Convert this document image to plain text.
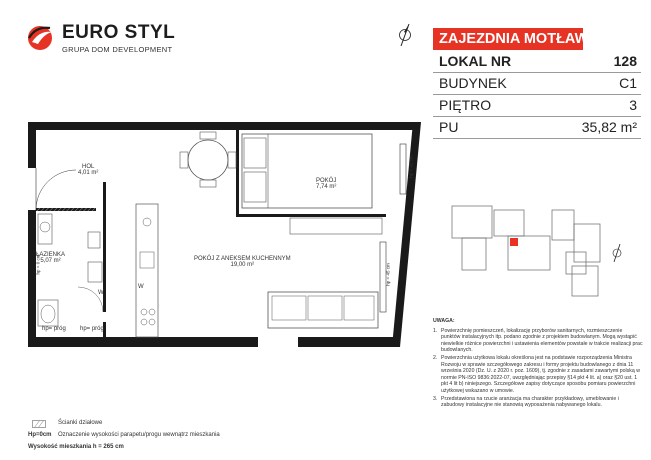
EURO STYL
GRUPA DOM DEVELOPMENT
ZAJEZDNIA MOTŁAWA
LOKAL NR	128
BUDYNEK	C1
PIĘTRO	3
PU	35,82 m²
HOL
4,01 m²
ŁAZIENKA
5,07 m²
POKÓJ
7,74 m²
POKÓJ Z ANEKSEM KUCHENNYM
19,00 m²
W
W
hp= próg hp= próg
hp = 0 cm
hp = 45 cm
hp = 45 cm
UWAGA:
1. Powierzchnię pomieszczeń, lokalizację przyborów sanitarnych, rozmieszczenie punktów instalacyjnych itp. podano zgodnie z projektem budowlanym. Mogą wystąpić niewielkie różnice powierzchni i ustawienia elementów powstałe w trakcie realizacji prac budowlanych.
2. Powierzchnia użytkowa lokalu określona jest na podstawie rozporządzenia Ministra Rozwoju w sprawie szczegółowego zakresu i formy projektu budowlanego z dnia 11 września 2020 (Dz. U. z 2020 r. poz. 1609), tj. zgodnie z zasadami zawartymi polską w normie PN-ISO 9836:2022-07, uwzględniając przepisy §14 pkt 4 lit. a) oraz §20 ust. 1 pkt 4 lit b) niniejszego. Szczegółowe zapisy dotyczące sposobu pomiaru powierzchni użytkowej wskazano w umowie.
3. Przedstawiona na rzucie aranżacja ma charakter przykładowy, umeblowanie i zabudowy instalacyjne nie stanowią wyposażenia nabywanego lokalu.
Ścianki działowe
Hp=0cm Oznaczenie wysokości parapetu/progu wewnątrz mieszkania
Wysokość mieszkania h = 265 cm
